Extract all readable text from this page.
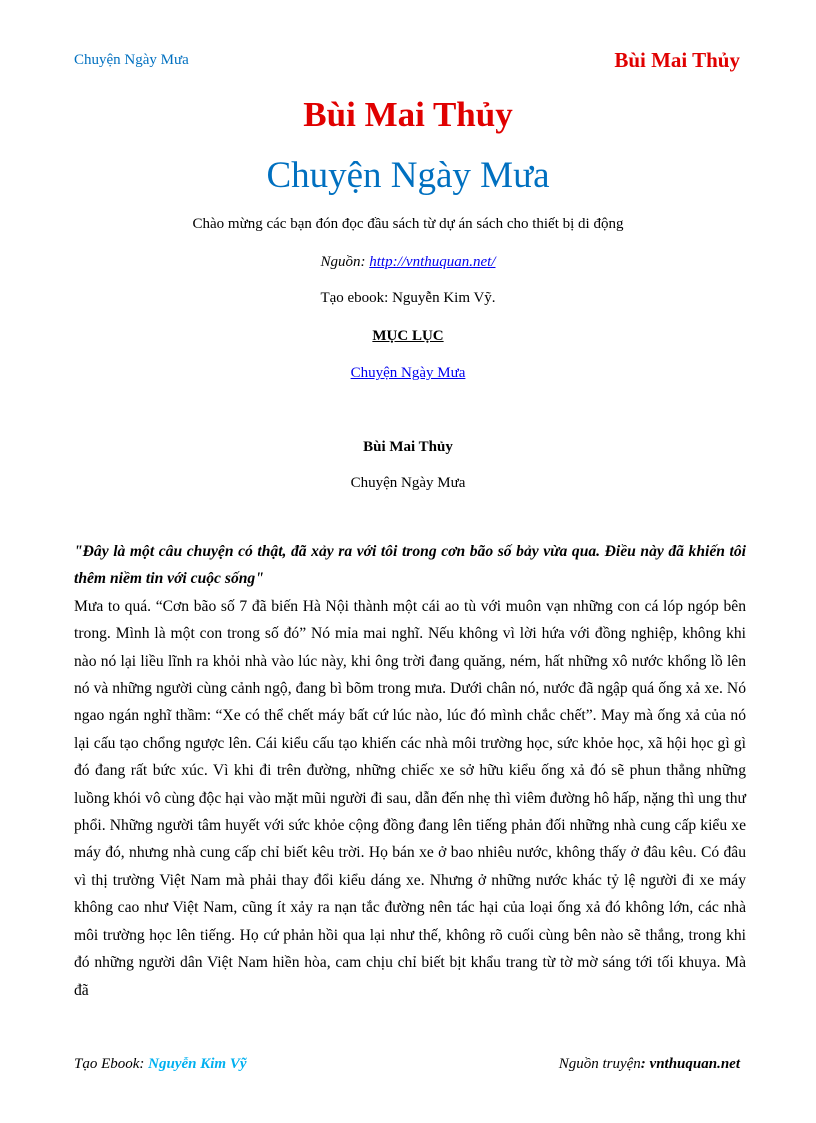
Chuyện Ngày Mưa	Bùi Mai Thủy
Bùi Mai Thủy
Chuyện Ngày Mưa
Chào mừng các bạn đón đọc đầu sách từ dự án sách cho thiết bị di động
Nguồn: http://vnthuquan.net/
Tạo ebook: Nguyễn Kim Vỹ.
MỤC LỤC
Chuyện Ngày Mưa
Bùi Mai Thủy
Chuyện Ngày Mưa

"Đây là một câu chuyện có thật, đã xảy ra với tôi trong cơn bão số bảy vừa qua. Điều này đã khiến tôi thêm niềm tin với cuộc sống"

Mưa to quá. “Cơn bão số 7 đã biến Hà Nội thành một cái ao tù với muôn vạn những con cá lóp ngóp bên trong. Mình là một con trong số đó” Nó mỉa mai nghĩ. Nếu không vì lời hứa với đồng nghiệp, không khi nào nó lại liều lĩnh ra khỏi nhà vào lúc này, khi ông trời đang quăng, ném, hất những xô nước khổng lồ lên nó và những người cùng cảnh ngộ, đang bì bõm trong mưa. Dưới chân nó, nước đã ngập quá ống xả xe. Nó ngao ngán nghĩ thầm: “Xe có thể chết máy bất cứ lúc nào, lúc đó mình chắc chết”. May mà ống xả của nó lại cấu tạo chổng ngược lên. Cái kiểu cấu tạo khiến các nhà môi trường học, sức khỏe học, xã hội học gì gì đó đang rất bức xúc. Vì khi đi trên đường, những chiếc xe sở hữu kiểu ống xả đó sẽ phun thẳng những luồng khói vô cùng độc hại vào mặt mũi người đi sau, dẫn đến nhẹ thì viêm đường hô hấp, nặng thì ung thư phổi. Những người tâm huyết với sức khỏe cộng đồng đang lên tiếng phản đối những nhà cung cấp kiểu xe máy đó, nhưng nhà cung cấp chỉ biết kêu trời. Họ bán xe ở bao nhiêu nước, không thấy ở đâu kêu. Có đâu vì thị trường Việt Nam mà phải thay đổi kiểu dáng xe. Nhưng ở những nước khác tỷ lệ người đi xe máy không cao như Việt Nam, cũng ít xảy ra nạn tắc đường nên tác hại của loại ống xả đó không lớn, các nhà môi trường học lên tiếng. Họ cứ phản hồi qua lại như thế, không rõ cuối cùng bên nào sẽ thắng, trong khi đó những người dân Việt Nam hiền hòa, cam chịu chỉ biết bịt khẩu trang từ tờ mờ sáng tới tối khuya. Mà đã

Tạo Ebook: Nguyễn Kim Vỹ	Nguồn truyện: vnthuquan.net
